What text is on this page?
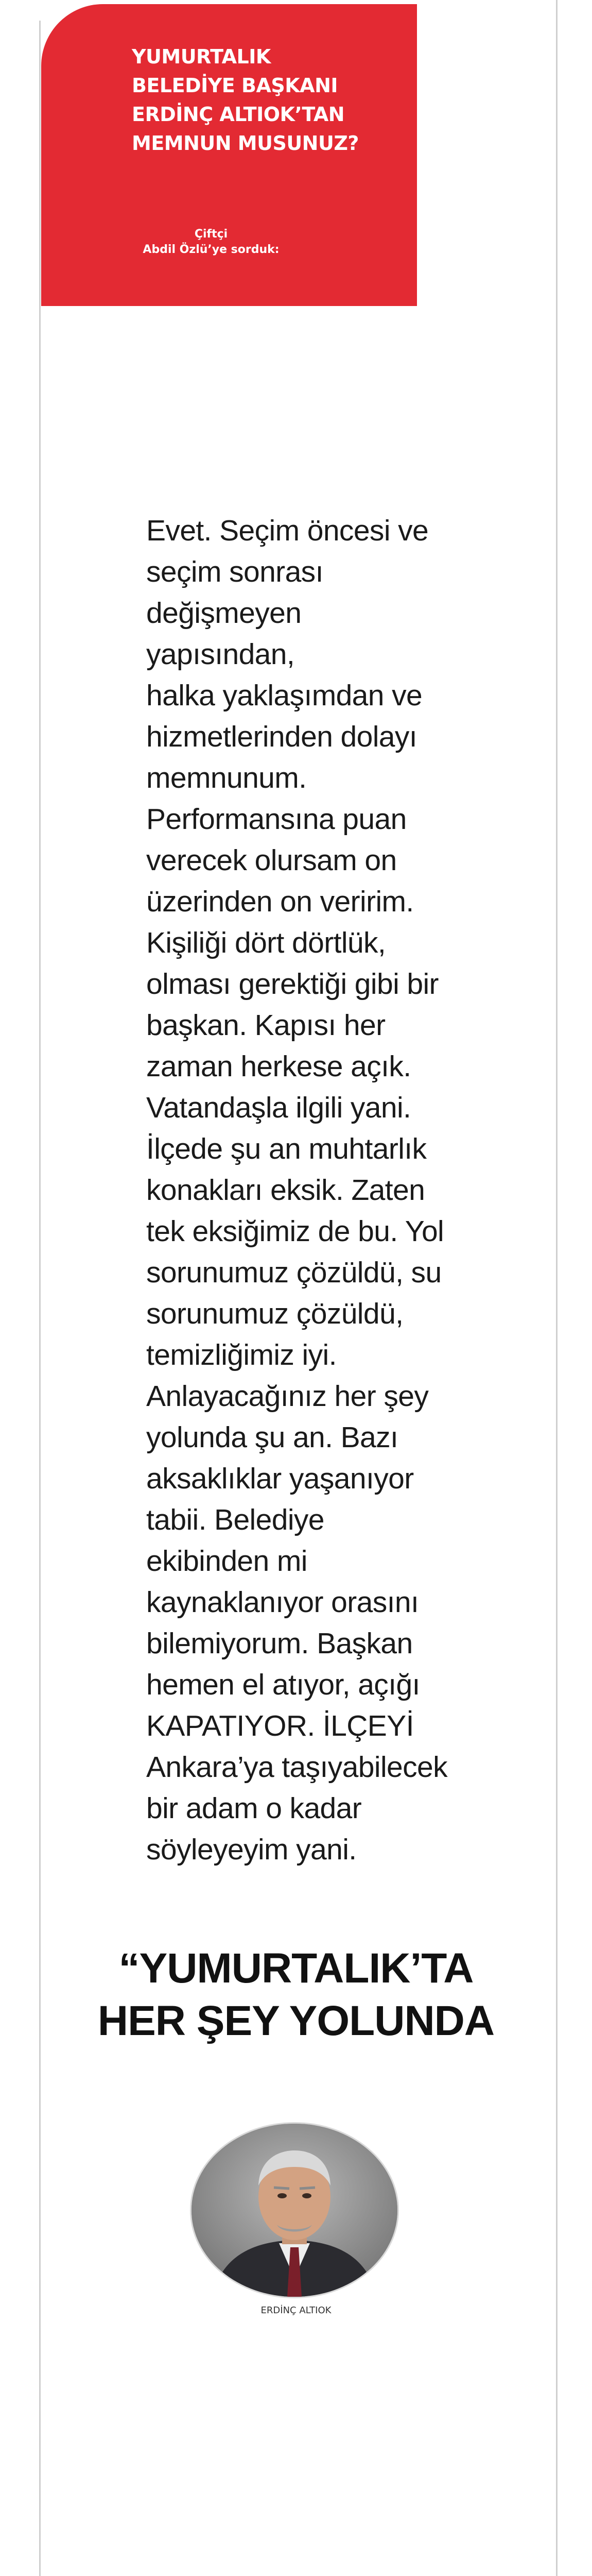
YUMURTALIK
BELEDİYE BAŞKANI
ERDİNÇ ALTIOK’TAN
MEMNUN MUSUNUZ?
Çiftçi
Abdil Özlü’ye sorduk:
Evet. Seçim öncesi ve
seçim sonrası
değişmeyen
yapısından,
halka yaklaşımdan ve
hizmetlerinden dolayı
memnunum.
Performansına puan
verecek olursam on
üzerinden on veririm.
Kişiliği dört dörtlük,
olması gerektiği gibi bir
başkan. Kapısı her
zaman herkese açık.
Vatandaşla ilgili yani.
İlçede şu an muhtarlık
konakları eksik. Zaten
tek eksiğimiz de bu. Yol
sorunumuz çözüldü, su
sorunumuz çözüldü,
temizliğimiz iyi.
Anlayacağınız her şey
yolunda şu an. Bazı
aksaklıklar yaşanıyor
tabii. Belediye
ekibinden mi
kaynaklanıyor orasını
bilemiyorum. Başkan
hemen el atıyor, açığı
KAPATIYOR. İLÇEYİ
Ankara’ya taşıyabilecek
bir adam o kadar
söyleyeyim yani.
“YUMURTALIK’TA
HER ŞEY YOLUNDA
ERDİNÇ ALTIOK
